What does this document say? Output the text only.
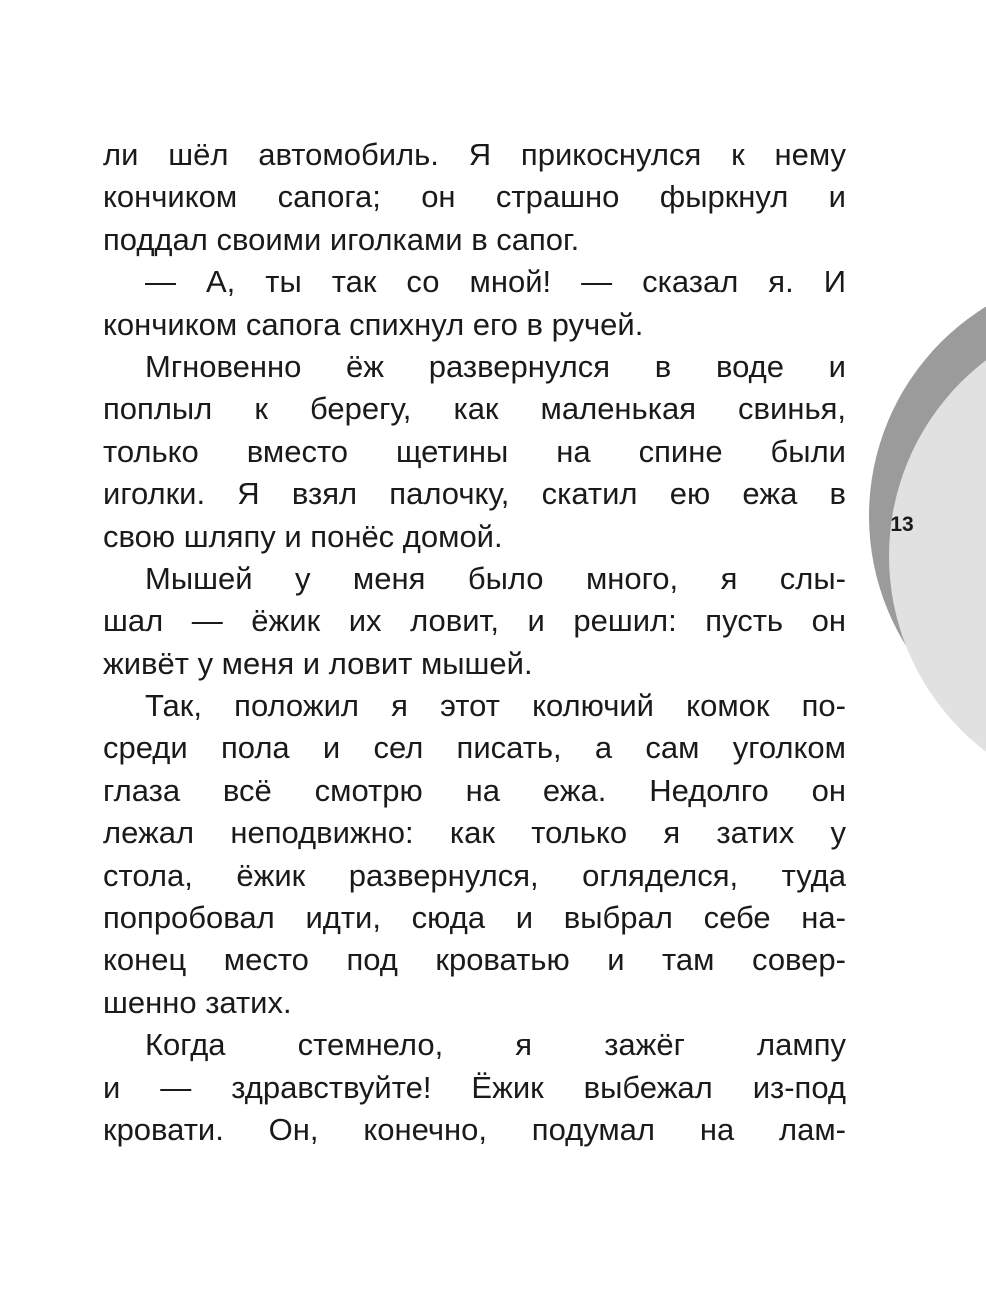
13
ли шёл автомобиль. Я прикоснулся к нему
кончиком сапога; он страшно фыркнул и
поддал своими иголками в сапог.
— А, ты так со мной! — сказал я. И
кончиком сапога спихнул его в ручей.
Мгновенно ёж развернулся в воде и
поплыл к берегу, как маленькая свинья,
только вместо щетины на спине были
иголки. Я взял палочку, скатил ею ежа в
свою шляпу и понёс домой.
Мышей у меня было много, я слы-
шал — ёжик их ловит, и решил: пусть он
живёт у меня и ловит мышей.
Так, положил я этот колючий комок по-
среди пола и сел писать, а сам уголком
глаза всё смотрю на ежа. Недолго он
лежал неподвижно: как только я затих у
стола, ёжик развернулся, огляделся, туда
попробовал идти, сюда и выбрал себе на-
конец место под кроватью и там совер-
шенно затих.
Когда стемнело, я зажёг лампу
и — здравствуйте! Ёжик выбежал из-под
кровати. Он, конечно, подумал на лам-
